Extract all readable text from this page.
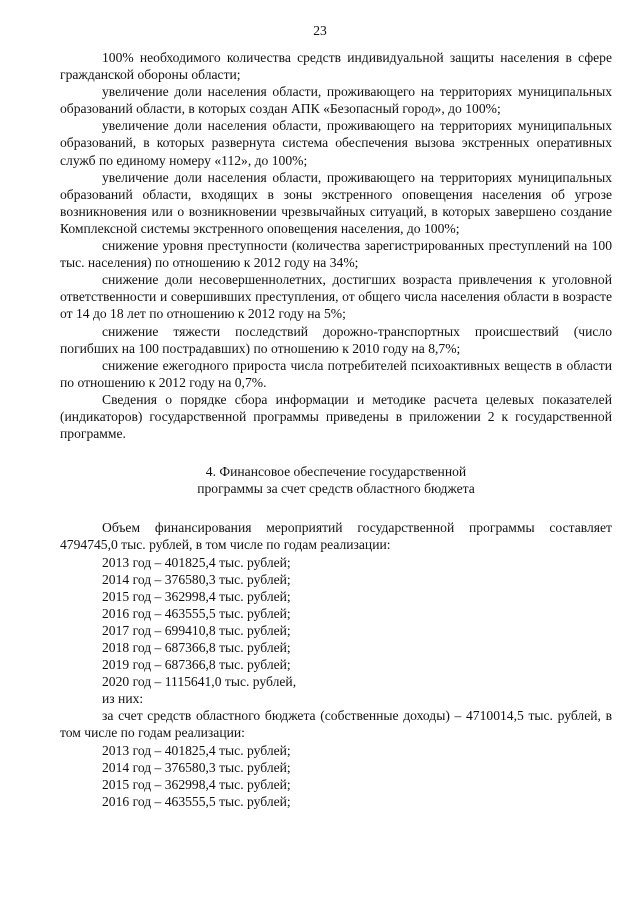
23

100% необходимого количества средств индивидуальной защиты населения в сфере гражданской обороны области;

увеличение доли населения области, проживающего на территориях муниципальных образований области, в которых создан АПК «Безопасный город», до 100%;

увеличение доли населения области, проживающего на территориях муниципальных образований, в которых развернута система обеспечения вызова экстренных оперативных служб по единому номеру «112», до 100%;

увеличение доли населения области, проживающего на территориях муниципальных образований области, входящих в зоны экстренного оповещения населения об угрозе возникновения или о возникновении чрезвычайных ситуаций, в которых завершено создание Комплексной системы экстренного оповещения населения, до 100%;

снижение уровня преступности (количества зарегистрированных преступлений на 100 тыс. населения) по отношению к 2012 году на 34%;

снижение доли несовершеннолетних, достигших возраста привлечения к уголовной ответственности и совершивших преступления, от общего числа населения области в возрасте от 14 до 18 лет по отношению к 2012 году на 5%;

снижение тяжести последствий дорожно-транспортных происшествий (число погибших на 100 пострадавших) по отношению к 2010 году на 8,7%;

снижение ежегодного прироста числа потребителей психоактивных веществ в области по отношению к 2012 году на 0,7%.

Сведения о порядке сбора информации и методике расчета целевых показателей (индикаторов) государственной программы приведены в приложении 2 к государственной программе.

4. Финансовое обеспечение государственной
программы за счет средств областного бюджета

Объем финансирования мероприятий государственной программы составляет 4794745,0 тыс. рублей, в том числе по годам реализации:

2013 год – 401825,4 тыс. рублей;
2014 год – 376580,3 тыс. рублей;
2015 год – 362998,4 тыс. рублей;
2016 год – 463555,5 тыс. рублей;
2017 год – 699410,8 тыс. рублей;
2018 год – 687366,8 тыс. рублей;
2019 год – 687366,8 тыс. рублей;
2020 год – 1115641,0 тыс. рублей,
из них:

за счет средств областного бюджета (собственные доходы) – 4710014,5 тыс. рублей, в том числе по годам реализации:

2013 год – 401825,4 тыс. рублей;
2014 год – 376580,3 тыс. рублей;
2015 год – 362998,4 тыс. рублей;
2016 год – 463555,5 тыс. рублей;
